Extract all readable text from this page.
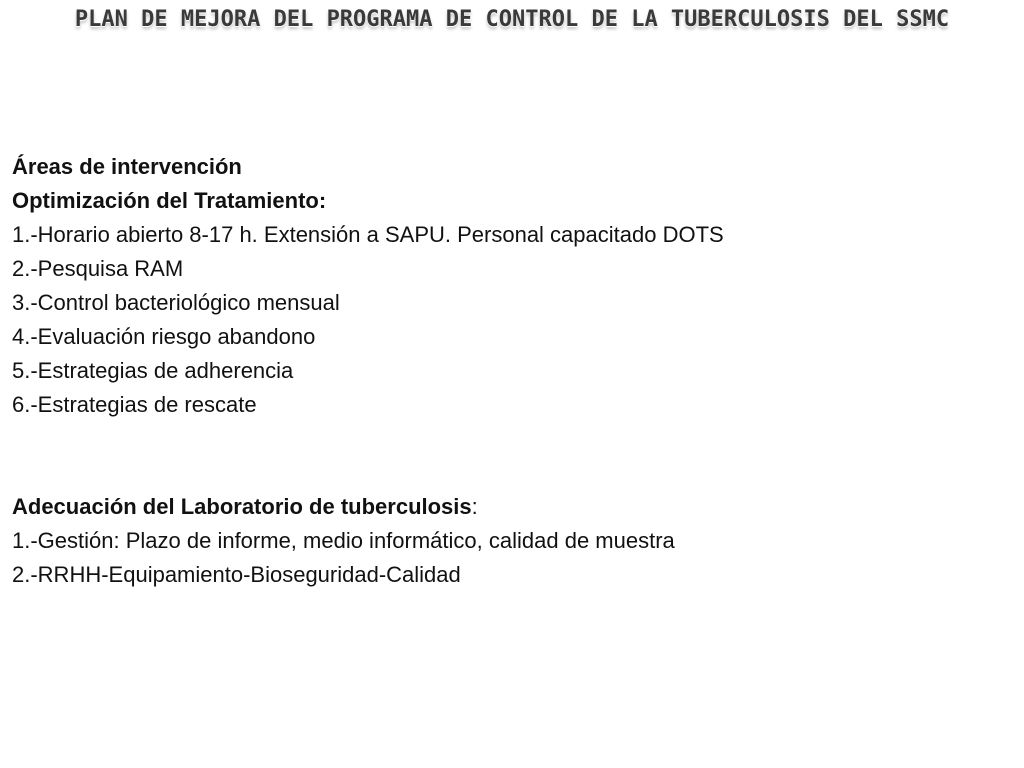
PLAN DE MEJORA DEL PROGRAMA DE CONTROL DE LA TUBERCULOSIS DEL SSMC
Áreas de intervención
Optimización del Tratamiento:
1.-Horario abierto 8-17 h. Extensión a SAPU. Personal capacitado DOTS
2.-Pesquisa RAM
3.-Control bacteriológico mensual
4.-Evaluación riesgo abandono
5.-Estrategias de adherencia
6.-Estrategias de rescate
Adecuación del Laboratorio de tuberculosis:
1.-Gestión: Plazo de informe, medio informático, calidad de muestra
2.-RRHH-Equipamiento-Bioseguridad-Calidad
